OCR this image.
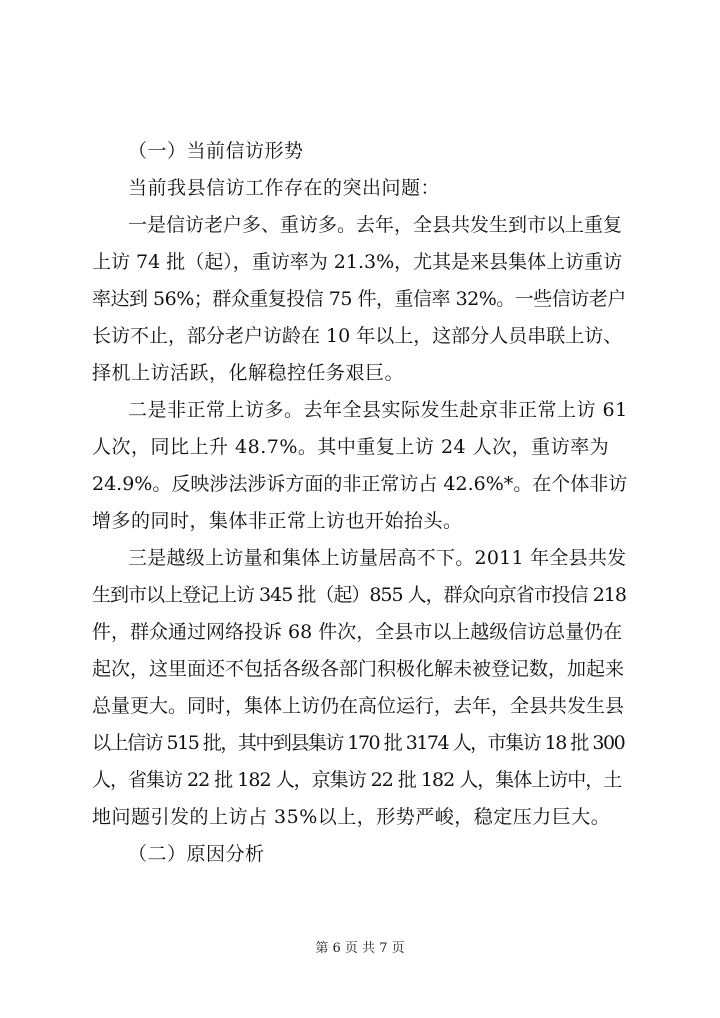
（一）当前信访形势
当前我县信访工作存在的突出问题：
一是信访老户多、重访多。去年，全县共发生到市以上重复
上访 74 批（起），重访率为 21.3%，尤其是来县集体上访重访
率达到 56%；群众重复投信 75 件，重信率 32%。一些信访老户
长访不止，部分老户访龄在 10 年以上，这部分人员串联上访、
择机上访活跃，化解稳控任务艰巨。
二是非正常上访多。去年全县实际发生赴京非正常上访 61
人次，同比上升 48.7%。其中重复上访 24 人次，重访率为
24.9%。反映涉法涉诉方面的非正常访占 42.6%*。在个体非访
增多的同时，集体非正常上访也开始抬头。
三是越级上访量和集体上访量居高不下。2011 年全县共发
生到市以上登记上访 345 批（起）855 人，群众向京省市投信 218
件，群众通过网络投诉 68 件次，全县市以上越级信访总量仍在
起次，这里面还不包括各级各部门积极化解未被登记数，加起来
总量更大。同时，集体上访仍在高位运行，去年，全县共发生县
以上信访 515 批，其中到县集访 170 批 3174 人，市集访 18 批 300
人，省集访 22 批 182 人，京集访 22 批 182 人，集体上访中，土
地问题引发的上访占 35%以上，形势严峻，稳定压力巨大。
（二）原因分析
第 6 页 共 7 页
